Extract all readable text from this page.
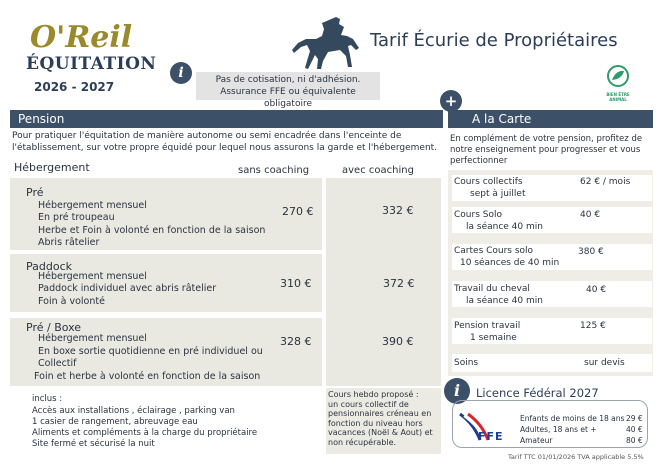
O'Reil
ÉQUITATION
2026 - 2027
Tarif Écurie de Propriétaires
BIEN ÊTRE ANIMAL
i	Pas de cotisation, ni d'adhésion.
Assurance FFE ou équivalente obligatoire
Pension
Pour pratiquer l'équitation de manière autonome ou semi encadrée dans l'enceinte de
l'établissement, sur votre propre équidé pour lequel nous assurons la garde et l'hébergement.
Hébergement	sans coaching	avec coaching
Pré
Hébergement mensuel
En pré troupeau
Herbe et Foin à volonté en fonction de la saison
Abris râtelier
270 €	332 €
Paddock
Hébergement mensuel
Paddock individuel avec abris râtelier
Foin à volonté
310 €	372 €
Pré / Boxe
Hébergement mensuel
En boxe sortie quotidienne en pré individuel ou
Collectif
Foin et herbe à volonté en fonction de la saison
328 €	390 €
inclus :
Accès aux installations , éclairage , parking van
1 casier de rangement, abreuvage eau
Aliments et compléments à la charge du propriétaire
Site fermé et sécurisé la nuit
Cours hebdo proposé :
un cours collectif de
pensionnaires créneau en
fonction du niveau hors
vacances (Noël & Aout) et
non récupérable.
+
A la Carte
En complément de votre pension, profitez de
notre enseignement pour progresser et vous
perfectionner
Cours collectifs
sept à juillet
62 € / mois
Cours Solo
la séance 40 min
40 €
Cartes Cours solo
10 séances de 40 min
380 €
Travail du cheval
la séance 40 min
40 €
Pension travail
1 semaine
125 €
Soins	sur devis
i	Licence Fédéral 2027
FFE
Enfants de moins de 18 ans 29 €
Adultes, 18 ans et +	40 €
Amateur	80 €
Tarif TTC 01/01/2026 TVA applicable 5.5%
